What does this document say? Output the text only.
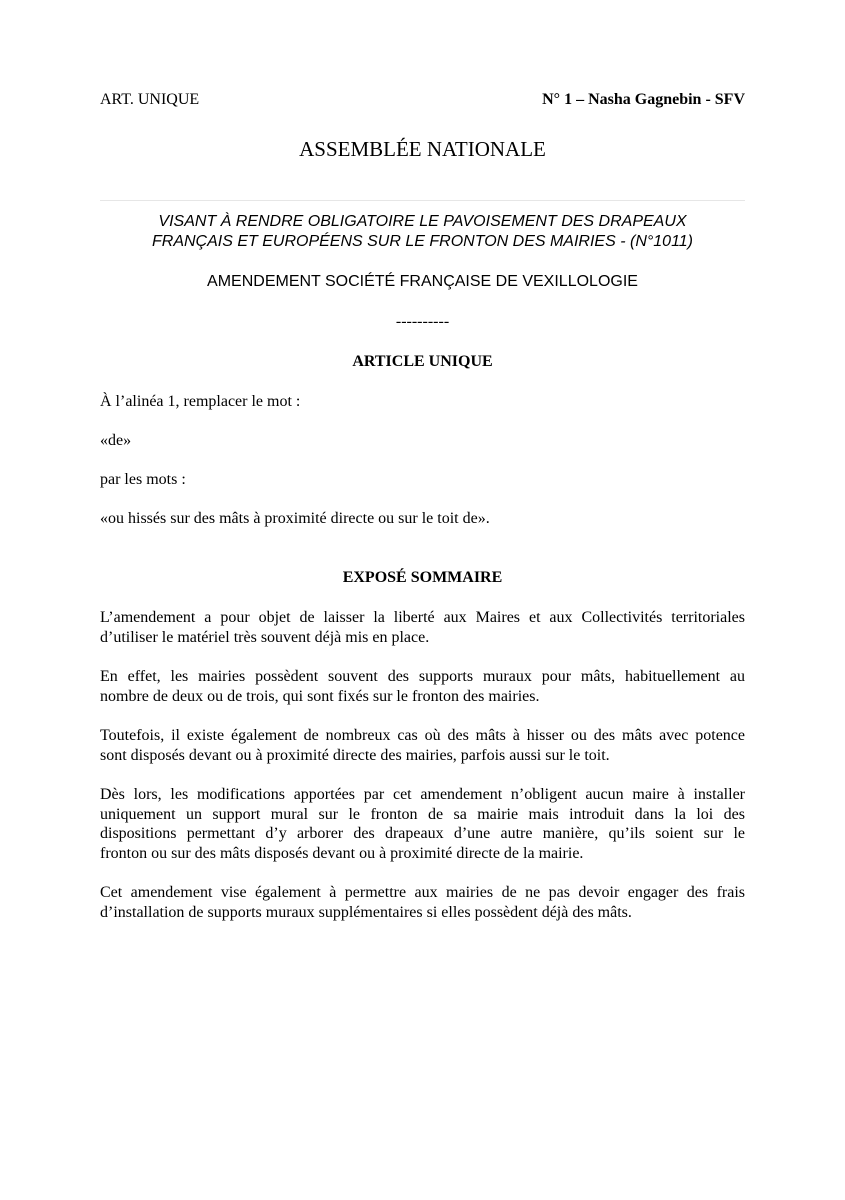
ART. UNIQUE	N° 1 – Nasha Gagnebin - SFV
ASSEMBLÉE NATIONALE
VISANT À RENDRE OBLIGATOIRE LE PAVOISEMENT DES DRAPEAUX
FRANÇAIS ET EUROPÉENS SUR LE FRONTON DES MAIRIES - (N°1011)
AMENDEMENT SOCIÉTÉ FRANÇAISE DE VEXILLOLOGIE
----------
ARTICLE UNIQUE
À l’alinéa 1, remplacer le mot :
«de»
par les mots :
«ou hissés sur des mâts à proximité directe ou sur le toit de».
EXPOSÉ SOMMAIRE
L’amendement a pour objet de laisser la liberté aux Maires et aux Collectivités territoriales
d’utiliser le matériel très souvent déjà mis en place.
En effet, les mairies possèdent souvent des supports muraux pour mâts, habituellement au
nombre de deux ou de trois, qui sont fixés sur le fronton des mairies.
Toutefois, il existe également de nombreux cas où des mâts à hisser ou des mâts avec potence
sont disposés devant ou à proximité directe des mairies, parfois aussi sur le toit.
Dès lors, les modifications apportées par cet amendement n’obligent aucun maire à installer
uniquement un support mural sur le fronton de sa mairie mais introduit dans la loi des
dispositions permettant d’y arborer des drapeaux d’une autre manière, qu’ils soient sur le
fronton ou sur des mâts disposés devant ou à proximité directe de la mairie.
Cet amendement vise également à permettre aux mairies de ne pas devoir engager des frais
d’installation de supports muraux supplémentaires si elles possèdent déjà des mâts.
